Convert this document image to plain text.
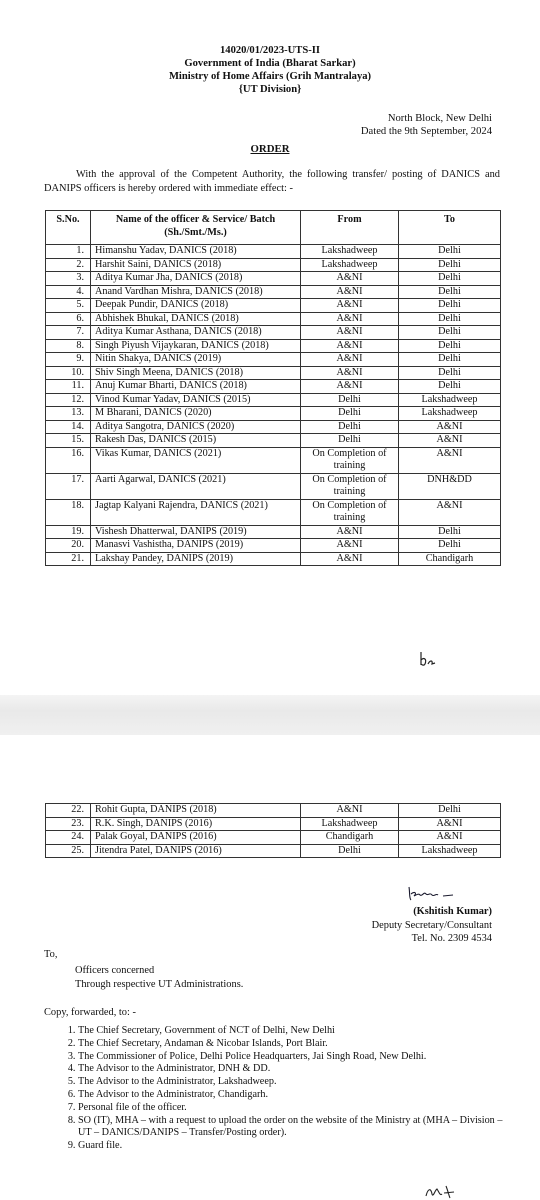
14020/01/2023-UTS-II
Government of India (Bharat Sarkar)
Ministry of Home Affairs (Grih Mantralaya)
{UT Division}
North Block, New Delhi
Dated the 9th September, 2024
ORDER
With the approval of the Competent Authority, the following transfer/ posting of DANICS and DANIPS officers is hereby ordered with immediate effect: -
S.No.	Name of the officer & Service/ Batch (Sh./Smt./Ms.)	From	To
1.	Himanshu Yadav, DANICS (2018)	Lakshadweep	Delhi
2.	Harshit Saini, DANICS (2018)	Lakshadweep	Delhi
3.	Aditya Kumar Jha, DANICS (2018)	A&NI	Delhi
4.	Anand Vardhan Mishra, DANICS (2018)	A&NI	Delhi
5.	Deepak Pundir, DANICS (2018)	A&NI	Delhi
6.	Abhishek Bhukal, DANICS (2018)	A&NI	Delhi
7.	Aditya Kumar Asthana, DANICS (2018)	A&NI	Delhi
8.	Singh Piyush Vijaykaran, DANICS (2018)	A&NI	Delhi
9.	Nitin Shakya, DANICS (2019)	A&NI	Delhi
10.	Shiv Singh Meena, DANICS (2018)	A&NI	Delhi
11.	Anuj Kumar Bharti, DANICS (2018)	A&NI	Delhi
12.	Vinod Kumar Yadav, DANICS (2015)	Delhi	Lakshadweep
13.	M Bharani, DANICS (2020)	Delhi	Lakshadweep
14.	Aditya Sangotra, DANICS (2020)	Delhi	A&NI
15.	Rakesh Das, DANICS (2015)	Delhi	A&NI
16.	Vikas Kumar, DANICS (2021)	On Completion of training	A&NI
17.	Aarti Agarwal, DANICS (2021)	On Completion of training	DNH&DD
18.	Jagtap Kalyani Rajendra, DANICS (2021)	On Completion of training	A&NI
19.	Vishesh Dhatterwal, DANIPS (2019)	A&NI	Delhi
20.	Manasvi Vashistha, DANIPS (2019)	A&NI	Delhi
21.	Lakshay Pandey, DANIPS (2019)	A&NI	Chandigarh
22.	Rohit Gupta, DANIPS (2018)	A&NI	Delhi
23.	R.K. Singh, DANIPS (2016)	Lakshadweep	A&NI
24.	Palak Goyal, DANIPS (2016)	Chandigarh	A&NI
25.	Jitendra Patel, DANIPS (2016)	Delhi	Lakshadweep
(Kshitish Kumar)
Deputy Secretary/Consultant
Tel. No. 2309 4534
To,
Officers concerned
Through respective UT Administrations.
Copy, forwarded, to: -
1. The Chief Secretary, Government of NCT of Delhi, New Delhi
2. The Chief Secretary, Andaman & Nicobar Islands, Port Blair.
3. The Commissioner of Police, Delhi Police Headquarters, Jai Singh Road, New Delhi.
4. The Advisor to the Administrator, DNH & DD.
5. The Advisor to the Administrator, Lakshadweep.
6. The Advisor to the Administrator, Chandigarh.
7. Personal file of the officer.
8. SO (IT), MHA – with a request to upload the order on the website of the Ministry at (MHA – Division – UT – DANICS/DANIPS – Transfer/Posting order).
9. Guard file.
